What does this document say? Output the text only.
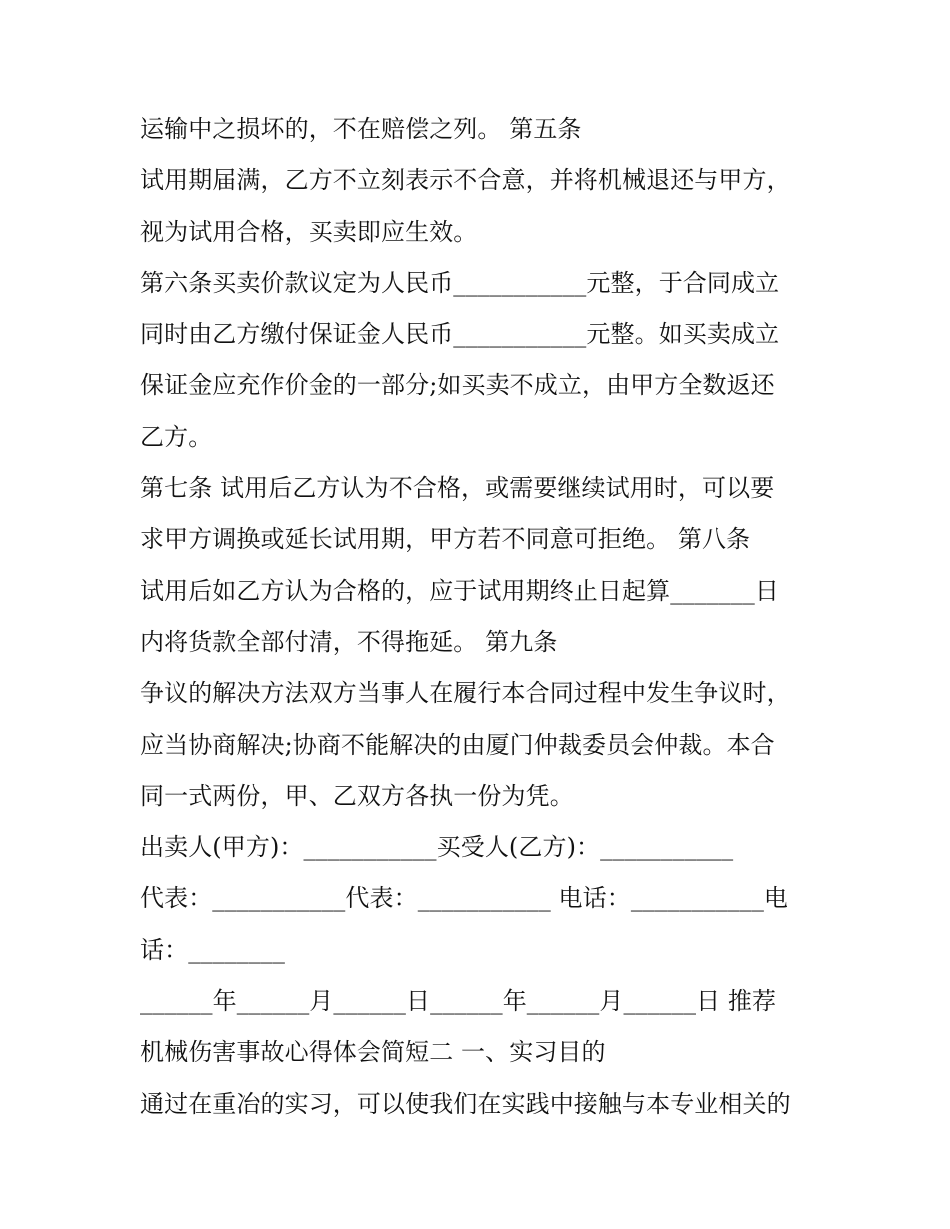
运输中之损坏的，不在赔偿之列。 第五条
试用期届满，乙方不立刻表示不合意，并将机械退还与甲方，
视为试用合格，买卖即应生效。
第六条买卖价款议定为人民币___________元整，于合同成立
同时由乙方缴付保证金人民币___________元整。如买卖成立
保证金应充作价金的一部分;如买卖不成立，由甲方全数返还
乙方。
第七条 试用后乙方认为不合格，或需要继续试用时，可以要
求甲方调换或延长试用期，甲方若不同意可拒绝。 第八条
试用后如乙方认为合格的，应于试用期终止日起算_______日
内将货款全部付清，不得拖延。 第九条
争议的解决方法双方当事人在履行本合同过程中发生争议时，
应当协商解决;协商不能解决的由厦门仲裁委员会仲裁。本合
同一式两份，甲、乙双方各执一份为凭。
出卖人(甲方)：___________买受人(乙方)：___________
代表：___________代表：___________ 电话：___________电
话：________
______年______月______日______年______月______日 推荐
机械伤害事故心得体会简短二 一、实习目的
通过在重冶的实习，可以使我们在实践中接触与本专业相关的
